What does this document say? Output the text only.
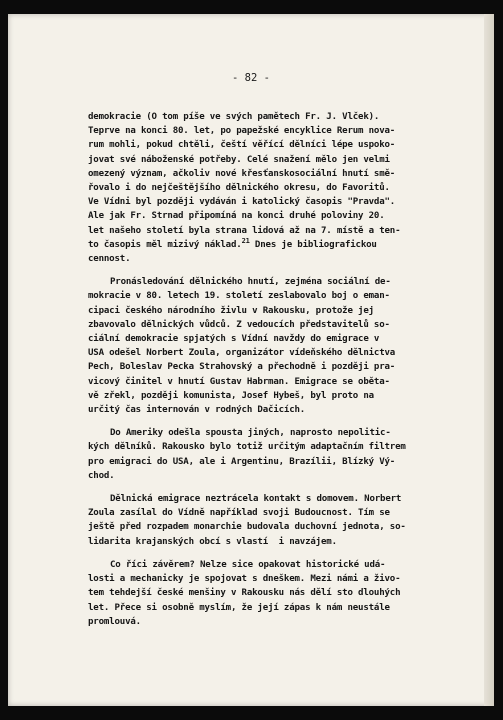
- 82 -
demokracie (O tom píše ve svých pamětech Fr. J. Vlček).
Teprve na konci 80. let, po papežské encyklice Rerum nova-
rum mohli, pokud chtěli, čeští věřící dělníci lépe uspoko-
jovat své náboženské potřeby. Celé snažení mělo jen velmi
omezený význam, ačkoliv nové křesťanskosociální hnutí smě-
řovalo i do nejčeštějšího dělnického okresu, do Favoritů.
Ve Vídni byl později vydáván i katolický časopis "Pravda".
Ale jak Fr. Strnad připomíná na konci druhé poloviny 20.
let našeho století byla strana lidová až na 7. místě a ten-
to časopis měl mizivý náklad.$^{21}$ Dnes je bibliografickou
cennost.
Pronásledování dělnického hnutí, zejména sociální de-
mokracie v 80. letech 19. století zeslabovalo boj o eman-
cipaci českého národního živlu v Rakousku, protože jej
zbavovalo dělnických vůdců. Z vedoucích představitelů so-
ciální demokracie spjatých s Vídní navždy do emigrace v
USA odešel Norbert Zoula, organizátor vídeňského dělnictva
Pech, Boleslav Pecka Strahovský a přechodně i později pra-
vicový činitel v hnutí Gustav Habrman. Emigrace se oběta-
vě zřekl, později komunista, Josef Hybeš, byl proto na
určitý čas internován v rodných Dačicích.
Do Ameriky odešla spousta jiných, naprosto nepolitic-
kých dělníků. Rakousko bylo totiž určitým adaptačním filtrem
pro emigraci do USA, ale i Argentinu, Brazílii, Blízký Vý-
chod.
Dělnická emigrace neztrácela kontakt s domovem. Norbert
Zoula zasílal do Vídně například svoji Budoucnost. Tím se
ještě před rozpadem monarchie budovala duchovní jednota, so-
lidarita krajanských obcí s vlastí  i navzájem.
Co říci závěrem? Nelze sice opakovat historické udá-
losti a mechanicky je spojovat s dneškem. Mezi námi a živo-
tem tehdejší české menšiny v Rakousku nás dělí sto dlouhých
let. Přece si osobně myslím, že její zápas k nám neustále
promlouvá.
